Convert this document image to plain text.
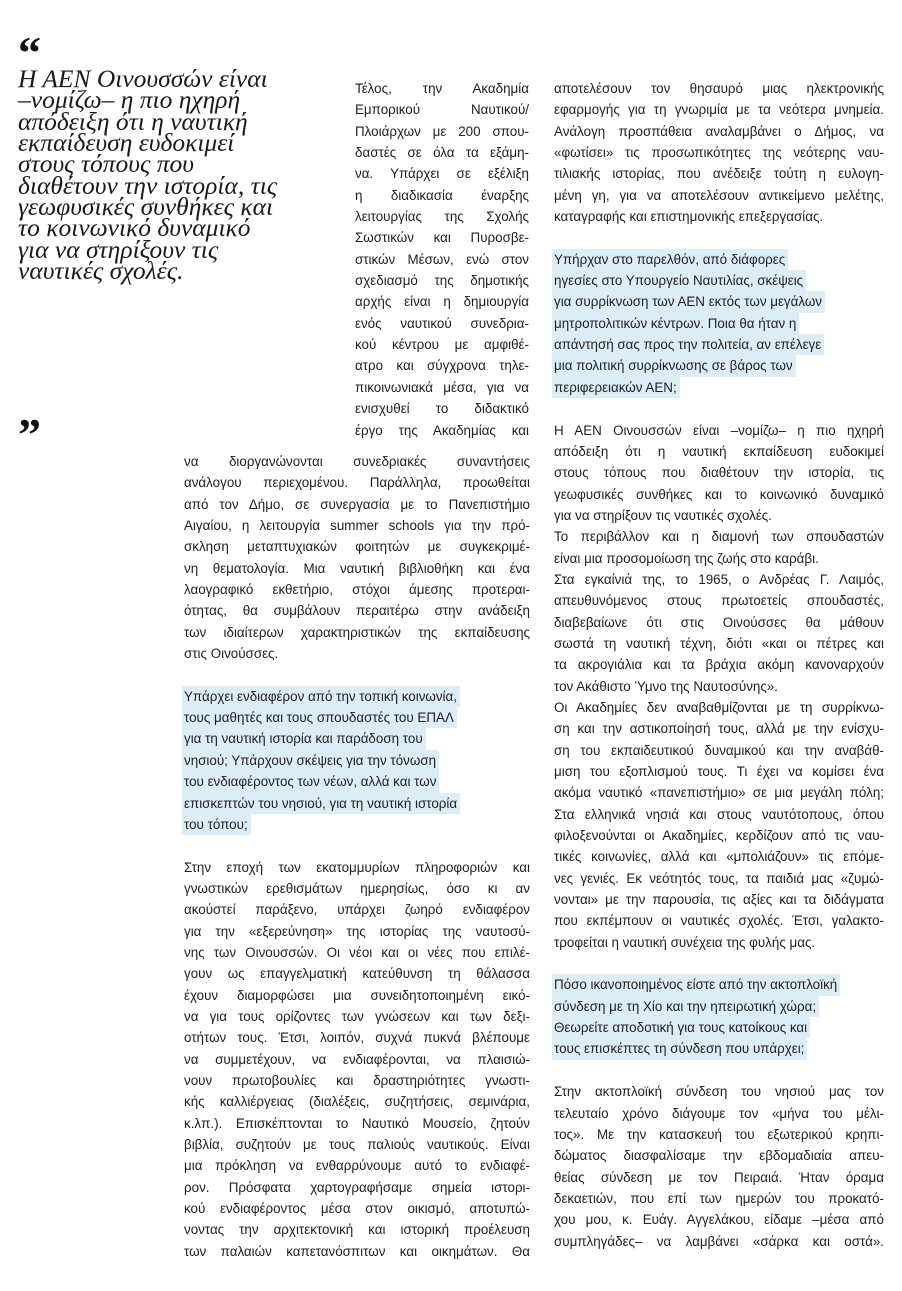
“
Η ΑΕΝ Οινουσσών είναι
–νομίζω– η πιο ηχηρή
απόδειξη ότι η ναυτική
εκπαίδευση ευδοκιμεί
στους τόπους που
διαθέτουν την ιστορία, τις
γεωφυσικές συνθήκες και
το κοινωνικό δυναμικό
για να στηρίξουν τις
ναυτικές σχολές.
”
Τέλος, την Ακαδημία
Εμπορικού Ναυτικού/
Πλοιάρχων με 200 σπου-
δαστές σε όλα τα εξάμη-
να. Υπάρχει σε εξέλιξη
η διαδικασία έναρξης
λειτουργίας της Σχολής
Σωστικών και Πυροσβε-
στικών Μέσων, ενώ στον
σχεδιασμό της δημοτικής
αρχής είναι η δημιουργία
ενός ναυτικού συνεδρια-
κού κέντρου με αμφιθέ-
ατρο και σύγχρονα τηλε-
πικοινωνιακά μέσα, για να
ενισχυθεί το διδακτικό
έργο της Ακαδημίας και
να διοργανώνονται συνεδριακές συναντήσεις
ανάλογου περιεχομένου. Παράλληλα, προωθείται
από τον Δήμο, σε συνεργασία με το Πανεπιστήμιο
Αιγαίου, η λειτουργία summer schools για την πρό-
σκληση μεταπτυχιακών φοιτητών με συγκεκριμέ-
νη θεματολογία. Μια ναυτική βιβλιοθήκη και ένα
λαογραφικό εκθετήριο, στόχοι άμεσης προτεραι-
ότητας, θα συμβάλουν περαιτέρω στην ανάδειξη
των ιδιαίτερων χαρακτηριστικών της εκπαίδευσης
στις Οινούσσες.
Υπάρχει ενδιαφέρον από την τοπική κοινωνία,
τους μαθητές και τους σπουδαστές του ΕΠΑΛ
για τη ναυτική ιστορία και παράδοση του
νησιού; Υπάρχουν σκέψεις για την τόνωση
του ενδιαφέροντος των νέων, αλλά και των
επισκεπτών του νησιού, για τη ναυτική ιστορία
του τόπου;
Στην εποχή των εκατομμυρίων πληροφοριών και
γνωστικών ερεθισμάτων ημερησίως, όσο κι αν
ακούστεί παράξενο, υπάρχει ζωηρό ενδιαφέρον
για την «εξερεύνηση» της ιστορίας της ναυτοσύ-
νης των Οινουσσών. Οι νέοι και οι νέες που επιλέ-
γουν ως επαγγελματική κατεύθυνση τη θάλασσα
έχουν διαμορφώσει μια συνειδητοποιημένη εικό-
να για τους ορίζοντες των γνώσεων και των δεξι-
οτήτων τους. Έτσι, λοιπόν, συχνά πυκνά βλέπουμε
να συμμετέχουν, να ενδιαφέρονται, να πλαισιώ-
νουν πρωτοβουλίες και δραστηριότητες γνωστι-
κής καλλιέργειας (διαλέξεις, συζητήσεις, σεμινάρια,
κ.λπ.). Επισκέπτονται το Ναυτικό Μουσείο, ζητούν
βιβλία, συζητούν με τους παλιούς ναυτικούς. Είναι
μια πρόκληση να ενθαρρύνουμε αυτό το ενδιαφέ-
ρον. Πρόσφατα χαρτογραφήσαμε σημεία ιστορι-
κού ενδιαφέροντος μέσα στον οικισμό, αποτυπώ-
νοντας την αρχιτεκτονική και ιστορική προέλευση
των παλαιών καπετανόσπιτων και οικημάτων. Θα
αποτελέσουν τον θησαυρό μιας ηλεκτρονικής
εφαρμογής για τη γνωριμία με τα νεότερα μνημεία.
Ανάλογη προσπάθεια αναλαμβάνει ο Δήμος, να
«φωτίσει» τις προσωπικότητες της νεότερης ναυ-
τιλιακής ιστορίας, που ανέδειξε τούτη η ευλογη-
μένη γη, για να αποτελέσουν αντικείμενο μελέτης,
καταγραφής και επιστημονικής επεξεργασίας.
Υπήρχαν στο παρελθόν, από διάφορες
ηγεσίες στο Υπουργείο Ναυτιλίας, σκέψεις
για συρρίκνωση των ΑΕΝ εκτός των μεγάλων
μητροπολιτικών κέντρων. Ποια θα ήταν η
απάντησή σας προς την πολιτεία, αν επέλεγε
μια πολιτική συρρίκνωσης σε βάρος των
περιφερειακών ΑΕΝ;
Η ΑΕΝ Οινουσσών είναι –νομίζω– η πιο ηχηρή
απόδειξη ότι η ναυτική εκπαίδευση ευδοκιμεί
στους τόπους που διαθέτουν την ιστορία, τις
γεωφυσικές συνθήκες και το κοινωνικό δυναμικό
για να στηρίξουν τις ναυτικές σχολές.
Το περιβάλλον και η διαμονή των σπουδαστών
είναι μια προσομοίωση της ζωής στο καράβι.
Στα εγκαίνιά της, το 1965, ο Ανδρέας Γ. Λαιμός,
απευθυνόμενος στους πρωτοετείς σπουδαστές,
διαβεβαίωνε ότι στις Οινούσσες θα μάθουν
σωστά τη ναυτική τέχνη, διότι «και οι πέτρες και
τα ακρογιάλια και τα βράχια ακόμη κανοναρχούν
τον Ακάθιστο Ύμνο της Ναυτοσύνης».
Οι Ακαδημίες δεν αναβαθμίζονται με τη συρρίκνω-
ση και την αστικοποίησή τους, αλλά με την ενίσχυ-
ση του εκπαιδευτικού δυναμικού και την αναβάθ-
μιση του εξοπλισμού τους. Τι έχει να κομίσει ένα
ακόμα ναυτικό «πανεπιστήμιο» σε μια μεγάλη πόλη;
Στα ελληνικά νησιά και στους ναυτότοπους, όπου
φιλοξενούνται οι Ακαδημίες, κερδίζουν από τις ναυ-
τικές κοινωνίες, αλλά και «μπολιάζουν» τις επόμε-
νες γενιές. Εκ νεότητός τους, τα παιδιά μας «ζυμώ-
νονται» με την παρουσία, τις αξίες και τα διδάγματα
που εκπέμπουν οι ναυτικές σχολές. Έτσι, γαλακτο-
τροφείται η ναυτική συνέχεια της φυλής μας.
Πόσο ικανοποιημένος είστε από την ακτοπλοϊκή
σύνδεση με τη Χίο και την ηπειρωτική χώρα;
Θεωρείτε αποδοτική για τους κατοίκους και
τους επισκέπτες τη σύνδεση που υπάρχει;
Στην ακτοπλοϊκή σύνδεση του νησιού μας τον
τελευταίο χρόνο διάγουμε τον «μήνα του μέλι-
τος». Με την κατασκευή του εξωτερικού κρηπι-
δώματος διασφαλίσαμε την εβδομαδιαία απευ-
θείας σύνδεση με τον Πειραιά. Ήταν όραμα
δεκαετιών, που επί των ημερών του προκατό-
χου μου, κ. Ευάγ. Αγγελάκου, είδαμε –μέσα από
συμπληγάδες– να λαμβάνει «σάρκα και οστά».
